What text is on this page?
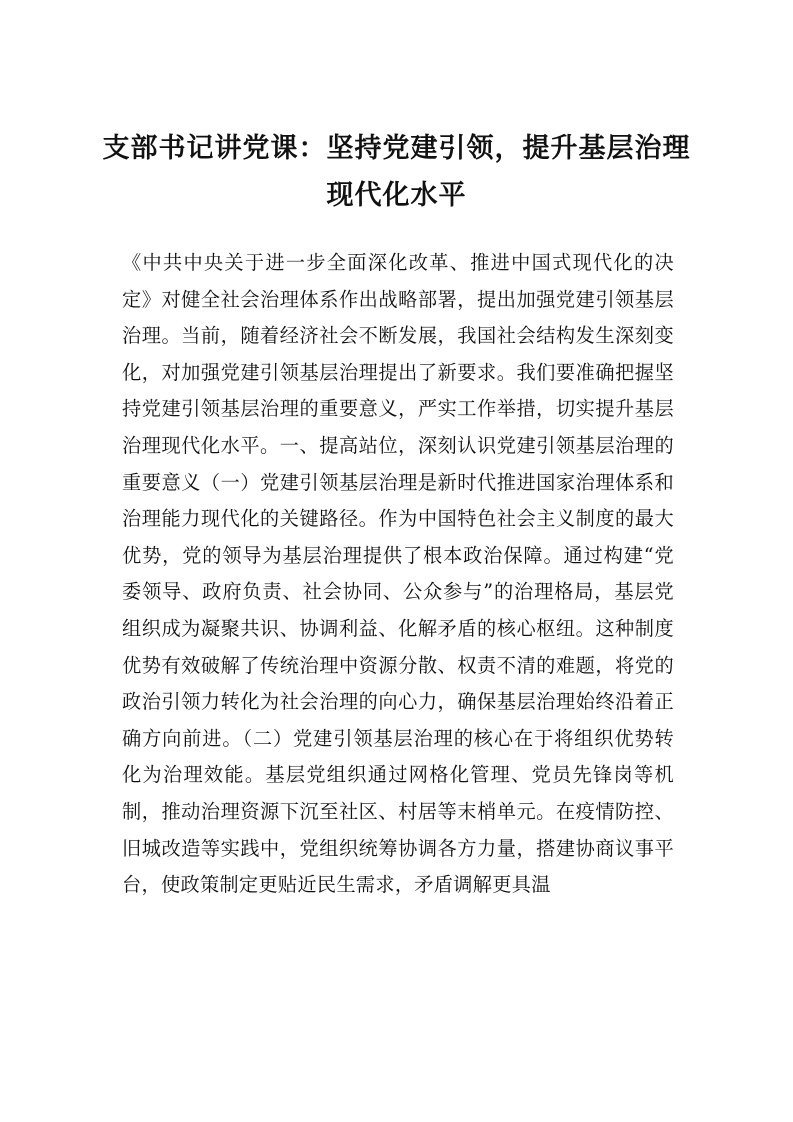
支部书记讲党课：坚持党建引领，提升基层治理现代化水平

《中共中央关于进一步全面深化改革、推进中国式现代化的决定》对健全社会治理体系作出战略部署，提出加强党建引领基层治理。当前，随着经济社会不断发展，我国社会结构发生深刻变化，对加强党建引领基层治理提出了新要求。我们要准确把握坚持党建引领基层治理的重要意义，严实工作举措，切实提升基层治理现代化水平。一、提高站位，深刻认识党建引领基层治理的重要意义（一）党建引领基层治理是新时代推进国家治理体系和治理能力现代化的关键路径。作为中国特色社会主义制度的最大优势，党的领导为基层治理提供了根本政治保障。通过构建“党委领导、政府负责、社会协同、公众参与”的治理格局，基层党组织成为凝聚共识、协调利益、化解矛盾的核心枢纽。这种制度优势有效破解了传统治理中资源分散、权责不清的难题，将党的政治引领力转化为社会治理的向心力，确保基层治理始终沿着正确方向前进。（二）党建引领基层治理的核心在于将组织优势转化为治理效能。基层党组织通过网格化管理、党员先锋岗等机制，推动治理资源下沉至社区、村居等末梢单元。在疫情防控、旧城改造等实践中，党组织统筹协调各方力量，搭建协商议事平台，使政策制定更贴近民生需求，矛盾调解更具温
